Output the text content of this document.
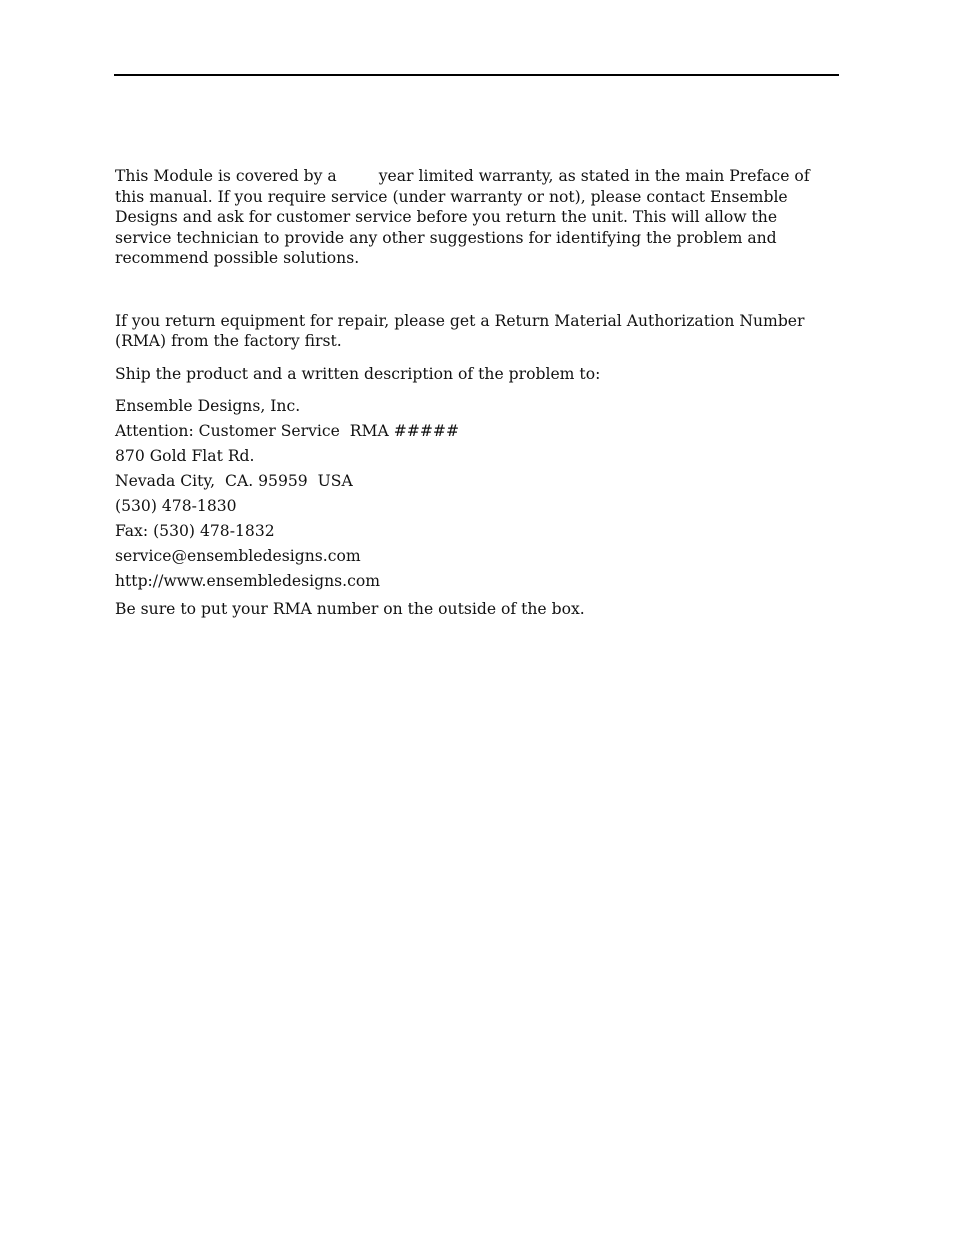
This Module is covered by a	year limited warranty, as stated in the main Preface of

this manual. If you require service (under warranty or not), please contact Ensemble

Designs and ask for customer service before you return the unit. This will allow the

service technician to provide any other suggestions for identifying the problem and

recommend possible solutions.

If you return equipment for repair, please get a Return Material Authorization Number

(RMA) from the factory first.

Ship the product and a written description of the problem to:

Ensemble Designs, Inc.

Attention: Customer Service  RMA #####

870 Gold Flat Rd.

Nevada City,  CA. 95959  USA

(530) 478-1830

Fax: (530) 478-1832

service@ensembledesigns.com

http://www.ensembledesigns.com

Be sure to put your RMA number on the outside of the box.
